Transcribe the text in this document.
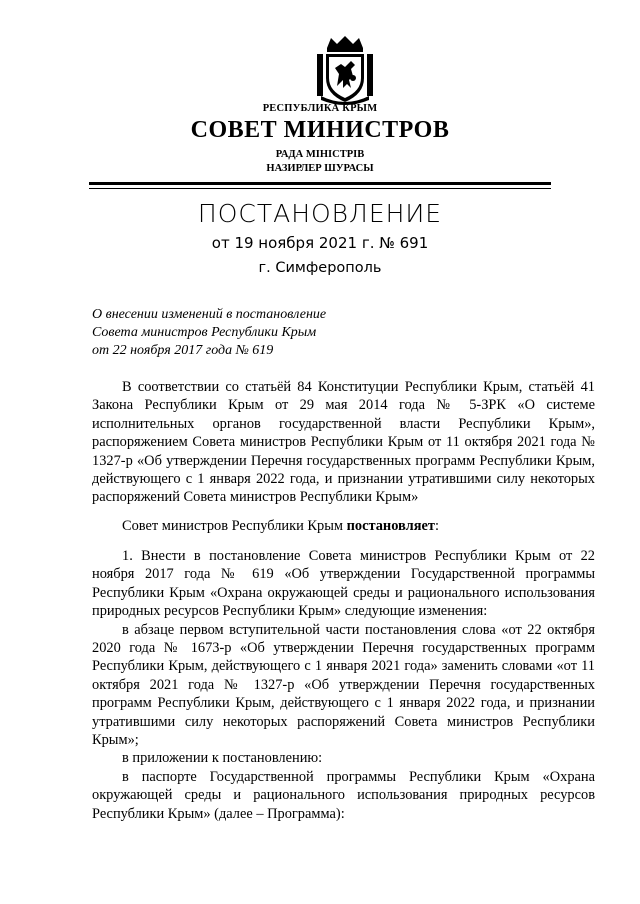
РЕСПУБЛИКА КРЫМ
СОВЕТ МИНИСТРОВ
РАДА МІНІСТРІВ
НАЗИРЛЕР ШУРАСЫ
ПОСТАНОВЛЕНИЕ
от 19 ноября 2021 г. № 691
г. Симферополь
О внесении изменений в постановление
Совета министров Республики Крым
от 22 ноября 2017 года № 619

В соответствии со статьёй 84 Конституции Республики Крым, статьёй 41 Закона Республики Крым от 29 мая 2014 года № 5-ЗРК «О системе исполнительных органов государственной власти Республики Крым», распоряжением Совета министров Республики Крым от 11 октября 2021 года № 1327-р «Об утверждении Перечня государственных программ Республики Крым, действующего с 1 января 2022 года, и признании утратившими силу некоторых распоряжений Совета министров Республики Крым»

Совет министров Республики Крым постановляет:

1. Внести в постановление Совета министров Республики Крым от 22 ноября 2017 года № 619 «Об утверждении Государственной программы Республики Крым «Охрана окружающей среды и рационального использования природных ресурсов Республики Крым» следующие изменения:

в абзаце первом вступительной части постановления слова «от 22 октября 2020 года № 1673-р «Об утверждении Перечня государственных программ Республики Крым, действующего с 1 января 2021 года» заменить словами «от 11 октября 2021 года № 1327-р «Об утверждении Перечня государственных программ Республики Крым, действующего с 1 января 2022 года, и признании утратившими силу некоторых распоряжений Совета министров Республики Крым»;

в приложении к постановлению:

в паспорте Государственной программы Республики Крым «Охрана окружающей среды и рационального использования природных ресурсов Республики Крым» (далее – Программа):
